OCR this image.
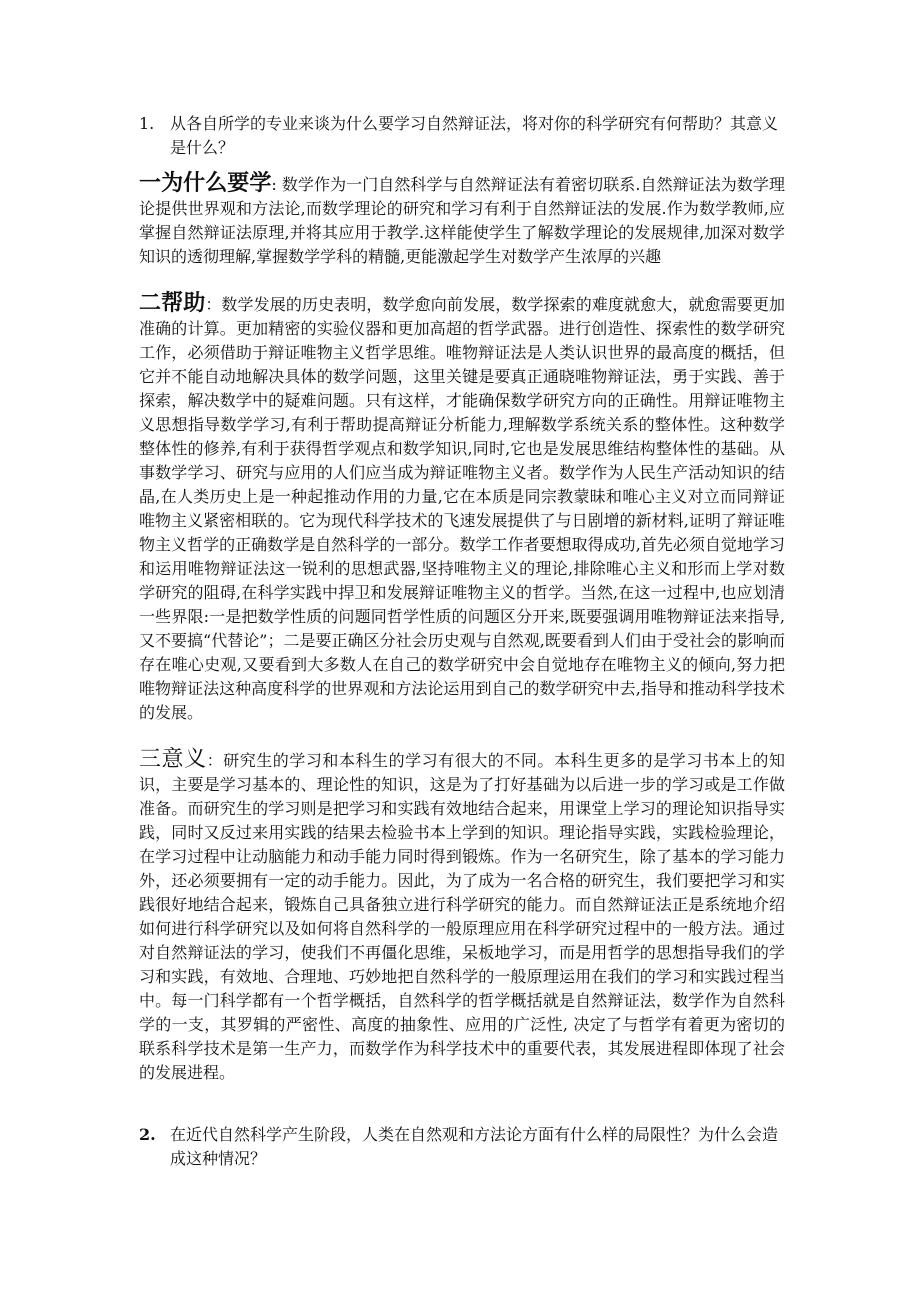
1. 从各自所学的专业来谈为什么要学习自然辩证法，将对你的科学研究有何帮助？其意义是什么？
一为什么要学: 数学作为一门自然科学与自然辩证法有着密切联系.自然辩证法为数学理论提供世界观和方法论,而数学理论的研究和学习有利于自然辩证法的发展.作为数学教师,应掌握自然辩证法原理,并将其应用于教学.这样能使学生了解数学理论的发展规律,加深对数学知识的透彻理解,掌握数学学科的精髓,更能激起学生对数学产生浓厚的兴趣
二帮助：数学发展的历史表明，数学愈向前发展，数学探索的难度就愈大，就愈需要更加准确的计算。更加精密的实验仪器和更加高超的哲学武器。进行创造性、探索性的数学研究工作，必须借助于辩证唯物主义哲学思维。唯物辩证法是人类认识世界的最高度的概括，但它并不能自动地解决具体的数学问题，这里关键是要真正通晓唯物辩证法，勇于实践、善于探索，解决数学中的疑难问题。只有这样，才能确保数学研究方向的正确性。用辩证唯物主义思想指导数学学习,有利于帮助提高辩证分析能力,理解数学系统关系的整体性。这种数学整体性的修养,有利于获得哲学观点和数学知识,同时,它也是发展思维结构整体性的基础。从事数学学习、研究与应用的人们应当成为辩证唯物主义者。数学作为人民生产活动知识的结晶,在人类历史上是一种起推动作用的力量,它在本质是同宗教蒙昧和唯心主义对立而同辩证唯物主义紧密相联的。它为现代科学技术的飞速发展提供了与日剧增的新材料,证明了辩证唯物主义哲学的正确数学是自然科学的一部分。数学工作者要想取得成功,首先必须自觉地学习和运用唯物辩证法这一锐利的思想武器,坚持唯物主义的理论,排除唯心主义和形而上学对数学研究的阻碍,在科学实践中捍卫和发展辩证唯物主义的哲学。当然,在这一过程中,也应划清一些界限:一是把数学性质的问题同哲学性质的问题区分开来,既要强调用唯物辩证法来指导,又不要搞“代替论”；二是要正确区分社会历史观与自然观,既要看到人们由于受社会的影响而存在唯心史观,又要看到大多数人在自己的数学研究中会自觉地存在唯物主义的倾向,努力把唯物辩证法这种高度科学的世界观和方法论运用到自己的数学研究中去,指导和推动科学技术的发展。
三意义：研究生的学习和本科生的学习有很大的不同。本科生更多的是学习书本上的知识，主要是学习基本的、理论性的知识，这是为了打好基础为以后进一步的学习或是工作做准备。而研究生的学习则是把学习和实践有效地结合起来，用课堂上学习的理论知识指导实践，同时又反过来用实践的结果去检验书本上学到的知识。理论指导实践，实践检验理论，在学习过程中让动脑能力和动手能力同时得到锻炼。作为一名研究生，除了基本的学习能力外，还必须要拥有一定的动手能力。因此，为了成为一名合格的研究生，我们要把学习和实践很好地结合起来，锻炼自己具备独立进行科学研究的能力。而自然辩证法正是系统地介绍如何进行科学研究以及如何将自然科学的一般原理应用在科学研究过程中的一般方法。通过对自然辩证法的学习，使我们不再僵化思维，呆板地学习，而是用哲学的思想指导我们的学习和实践，有效地、合理地、巧妙地把自然科学的一般原理运用在我们的学习和实践过程当中。每一门科学都有一个哲学概括，自然科学的哲学概括就是自然辩证法，数学作为自然科学的一支，其罗辑的严密性、高度的抽象性、应用的广泛性, 决定了与哲学有着更为密切的联系科学技术是第一生产力，而数学作为科学技术中的重要代表，其发展进程即体现了社会的发展进程。
2. 在近代自然科学产生阶段，人类在自然观和方法论方面有什么样的局限性？为什么会造成这种情况？
